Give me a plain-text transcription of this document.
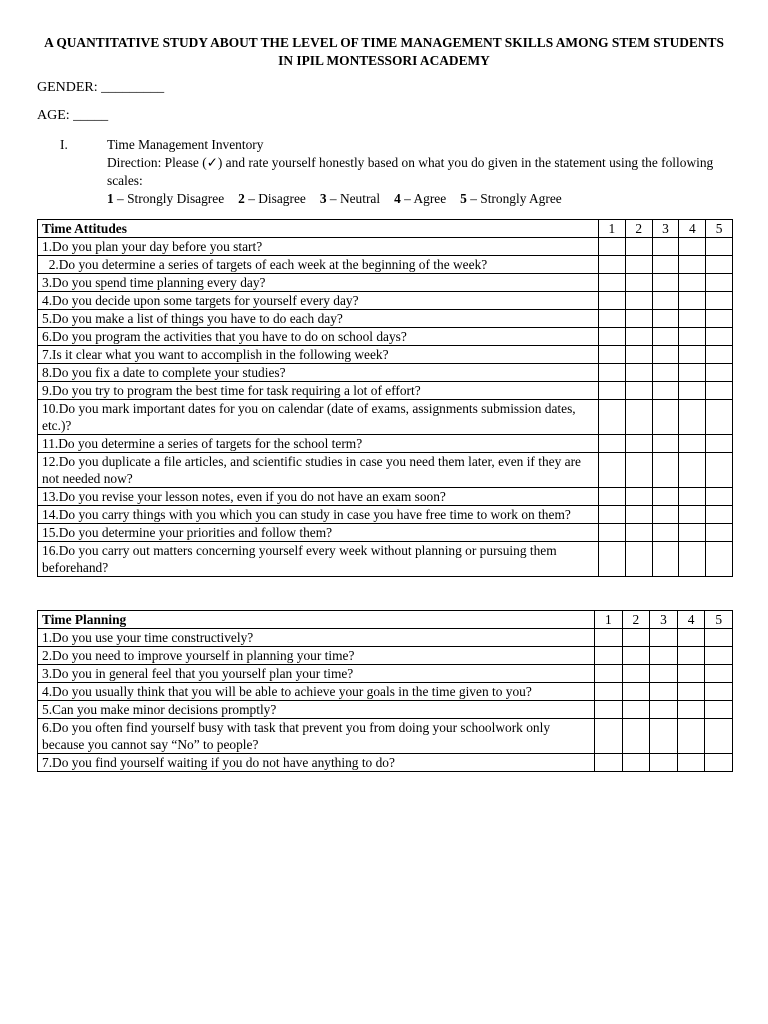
A QUANTITATIVE STUDY ABOUT THE LEVEL OF TIME MANAGEMENT SKILLS AMONG STEM STUDENTS IN IPIL MONTESSORI ACADEMY
GENDER: _________
AGE: _____
I.	Time Management Inventory
Direction: Please (✓) and rate yourself honestly based on what you do given in the statement using the following scales:
1 – Strongly Disagree 2 – Disagree 3 – Neutral 4 – Agree 5 – Strongly Agree
Time Attitudes	1	2	3	4	5
1.Do you plan your day before you start?					
2.Do you determine a series of targets of each week at the beginning of the week?					
3.Do you spend time planning every day?					
4.Do you decide upon some targets for yourself every day?					
5.Do you make a list of things you have to do each day?					
6.Do you program the activities that you have to do on school days?					
7.Is it clear what you want to accomplish in the following week?					
8.Do you fix a date to complete your studies?					
9.Do you try to program the best time for task requiring a lot of effort?					
10.Do you mark important dates for you on calendar (date of exams, assignments submission dates, etc.)?					
11.Do you determine a series of targets for the school term?					
12.Do you duplicate a file articles, and scientific studies in case you need them later, even if they are not needed now?					
13.Do you revise your lesson notes, even if you do not have an exam soon?					
14.Do you carry things with you which you can study in case you have free time to work on them?					
15.Do you determine your priorities and follow them?					
16.Do you carry out matters concerning yourself every week without planning or pursuing them beforehand?					
Time Planning	1	2	3	4	5
1.Do you use your time constructively?					
2.Do you need to improve yourself in planning your time?					
3.Do you in general feel that you yourself plan your time?					
4.Do you usually think that you will be able to achieve your goals in the time given to you?					
5.Can you make minor decisions promptly?					
6.Do you often find yourself busy with task that prevent you from doing your schoolwork only because you cannot say “No” to people?					
7.Do you find yourself waiting if you do not have anything to do?					
